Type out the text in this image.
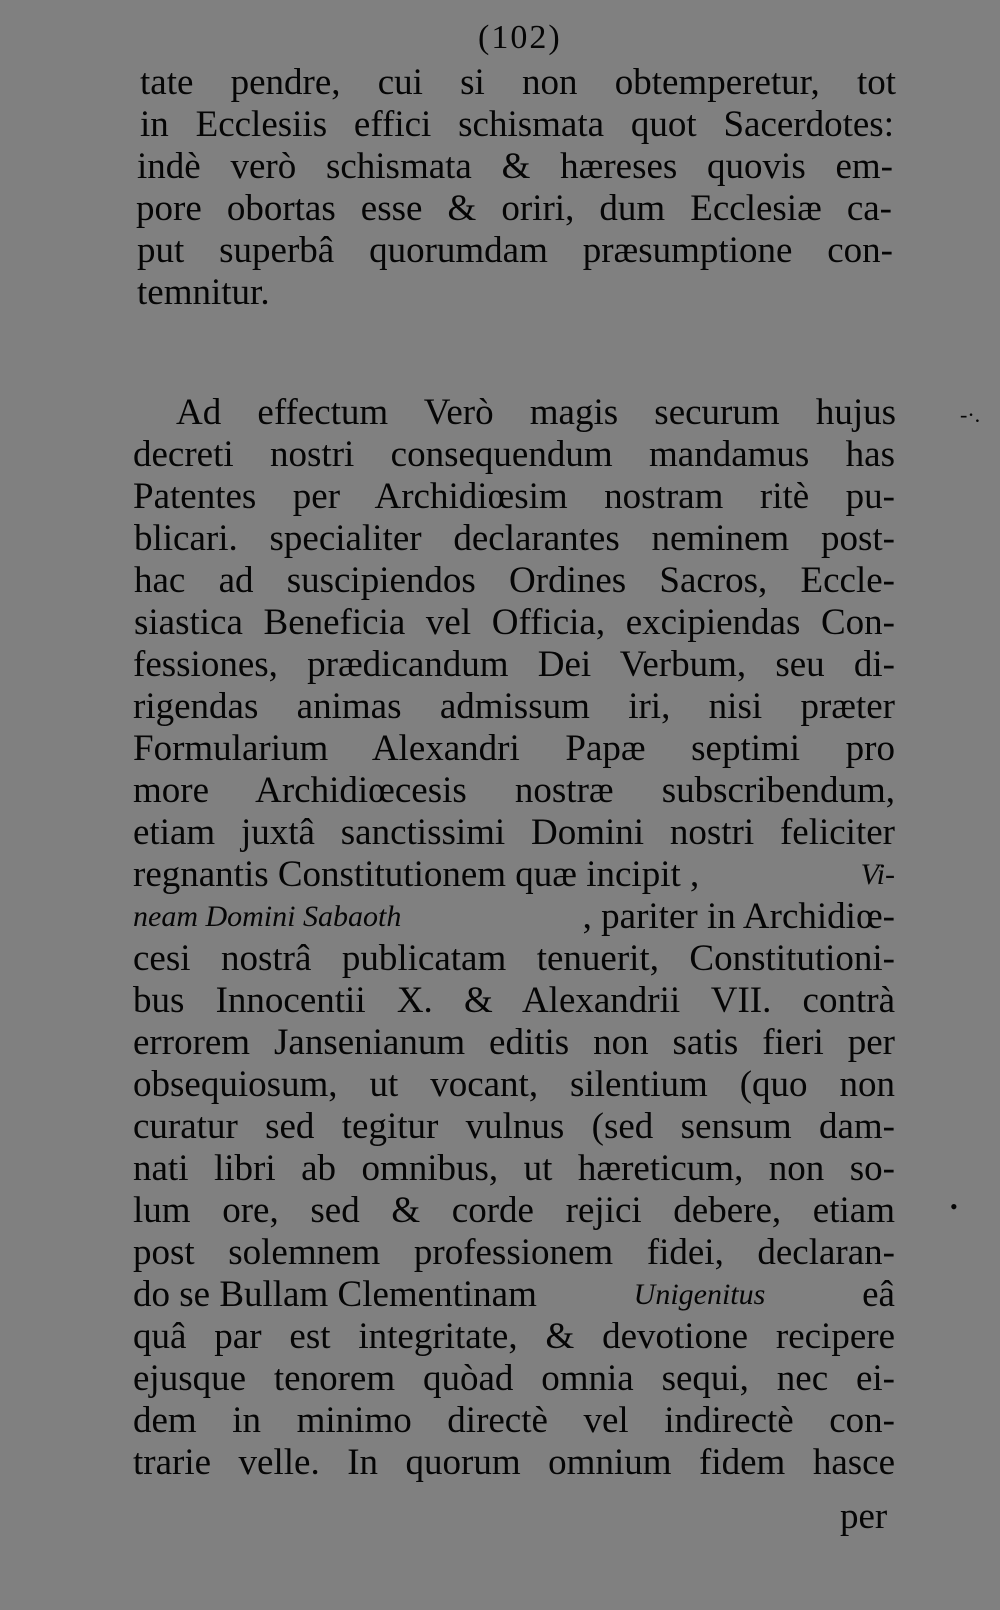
(102)
tate pendre, cui si non obtemperetur, tot
in Ecclesiis effici schismata quot Sacerdotes:
indè verò schismata & hæreses quovis em-
pore obortas esse & oriri, dum Ecclesiæ ca-
put superbâ quorumdam præsumptione con-
temnitur.
Ad effectum Verò magis securum hujus
decreti nostri consequendum mandamus has
Patentes per Archidiœsim nostram ritè pu-
blicari. specialiter declarantes neminem post-
hac ad suscipiendos Ordines Sacros, Eccle-
siastica Beneficia vel Officia, excipiendas Con-
fessiones, prædicandum Dei Verbum, seu di-
rigendas animas admissum iri, nisi præter
Formularium Alexandri Papæ septimi pro
more Archidiœcesis nostræ subscribendum,
etiam juxtâ sanctissimi Domini nostri feliciter
regnantis Constitutionem quæ incipit ,	Vi-
neam Domini Sabaoth	, pariter in Archidiœ-
cesi nostrâ publicatam tenuerit, Constitutioni-
bus Innocentii X. & Alexandrii VII. contrà
errorem Jansenianum editis non satis fieri per
obsequiosum, ut vocant, silentium (quo non
curatur sed tegitur vulnus (sed sensum dam-
nati libri ab omnibus, ut hæreticum, non so-
lum ore, sed & corde rejici debere, etiam
post solemnem professionem fidei, declaran-
do se Bullam Clementinam	Unigenitus	eâ
quâ par est integritate, & devotione recipere
ejusque tenorem quòad omnia sequi, nec ei-
dem in minimo directè vel indirectè con-
trarie velle. In quorum omnium fidem hasce
per
-·.
•
